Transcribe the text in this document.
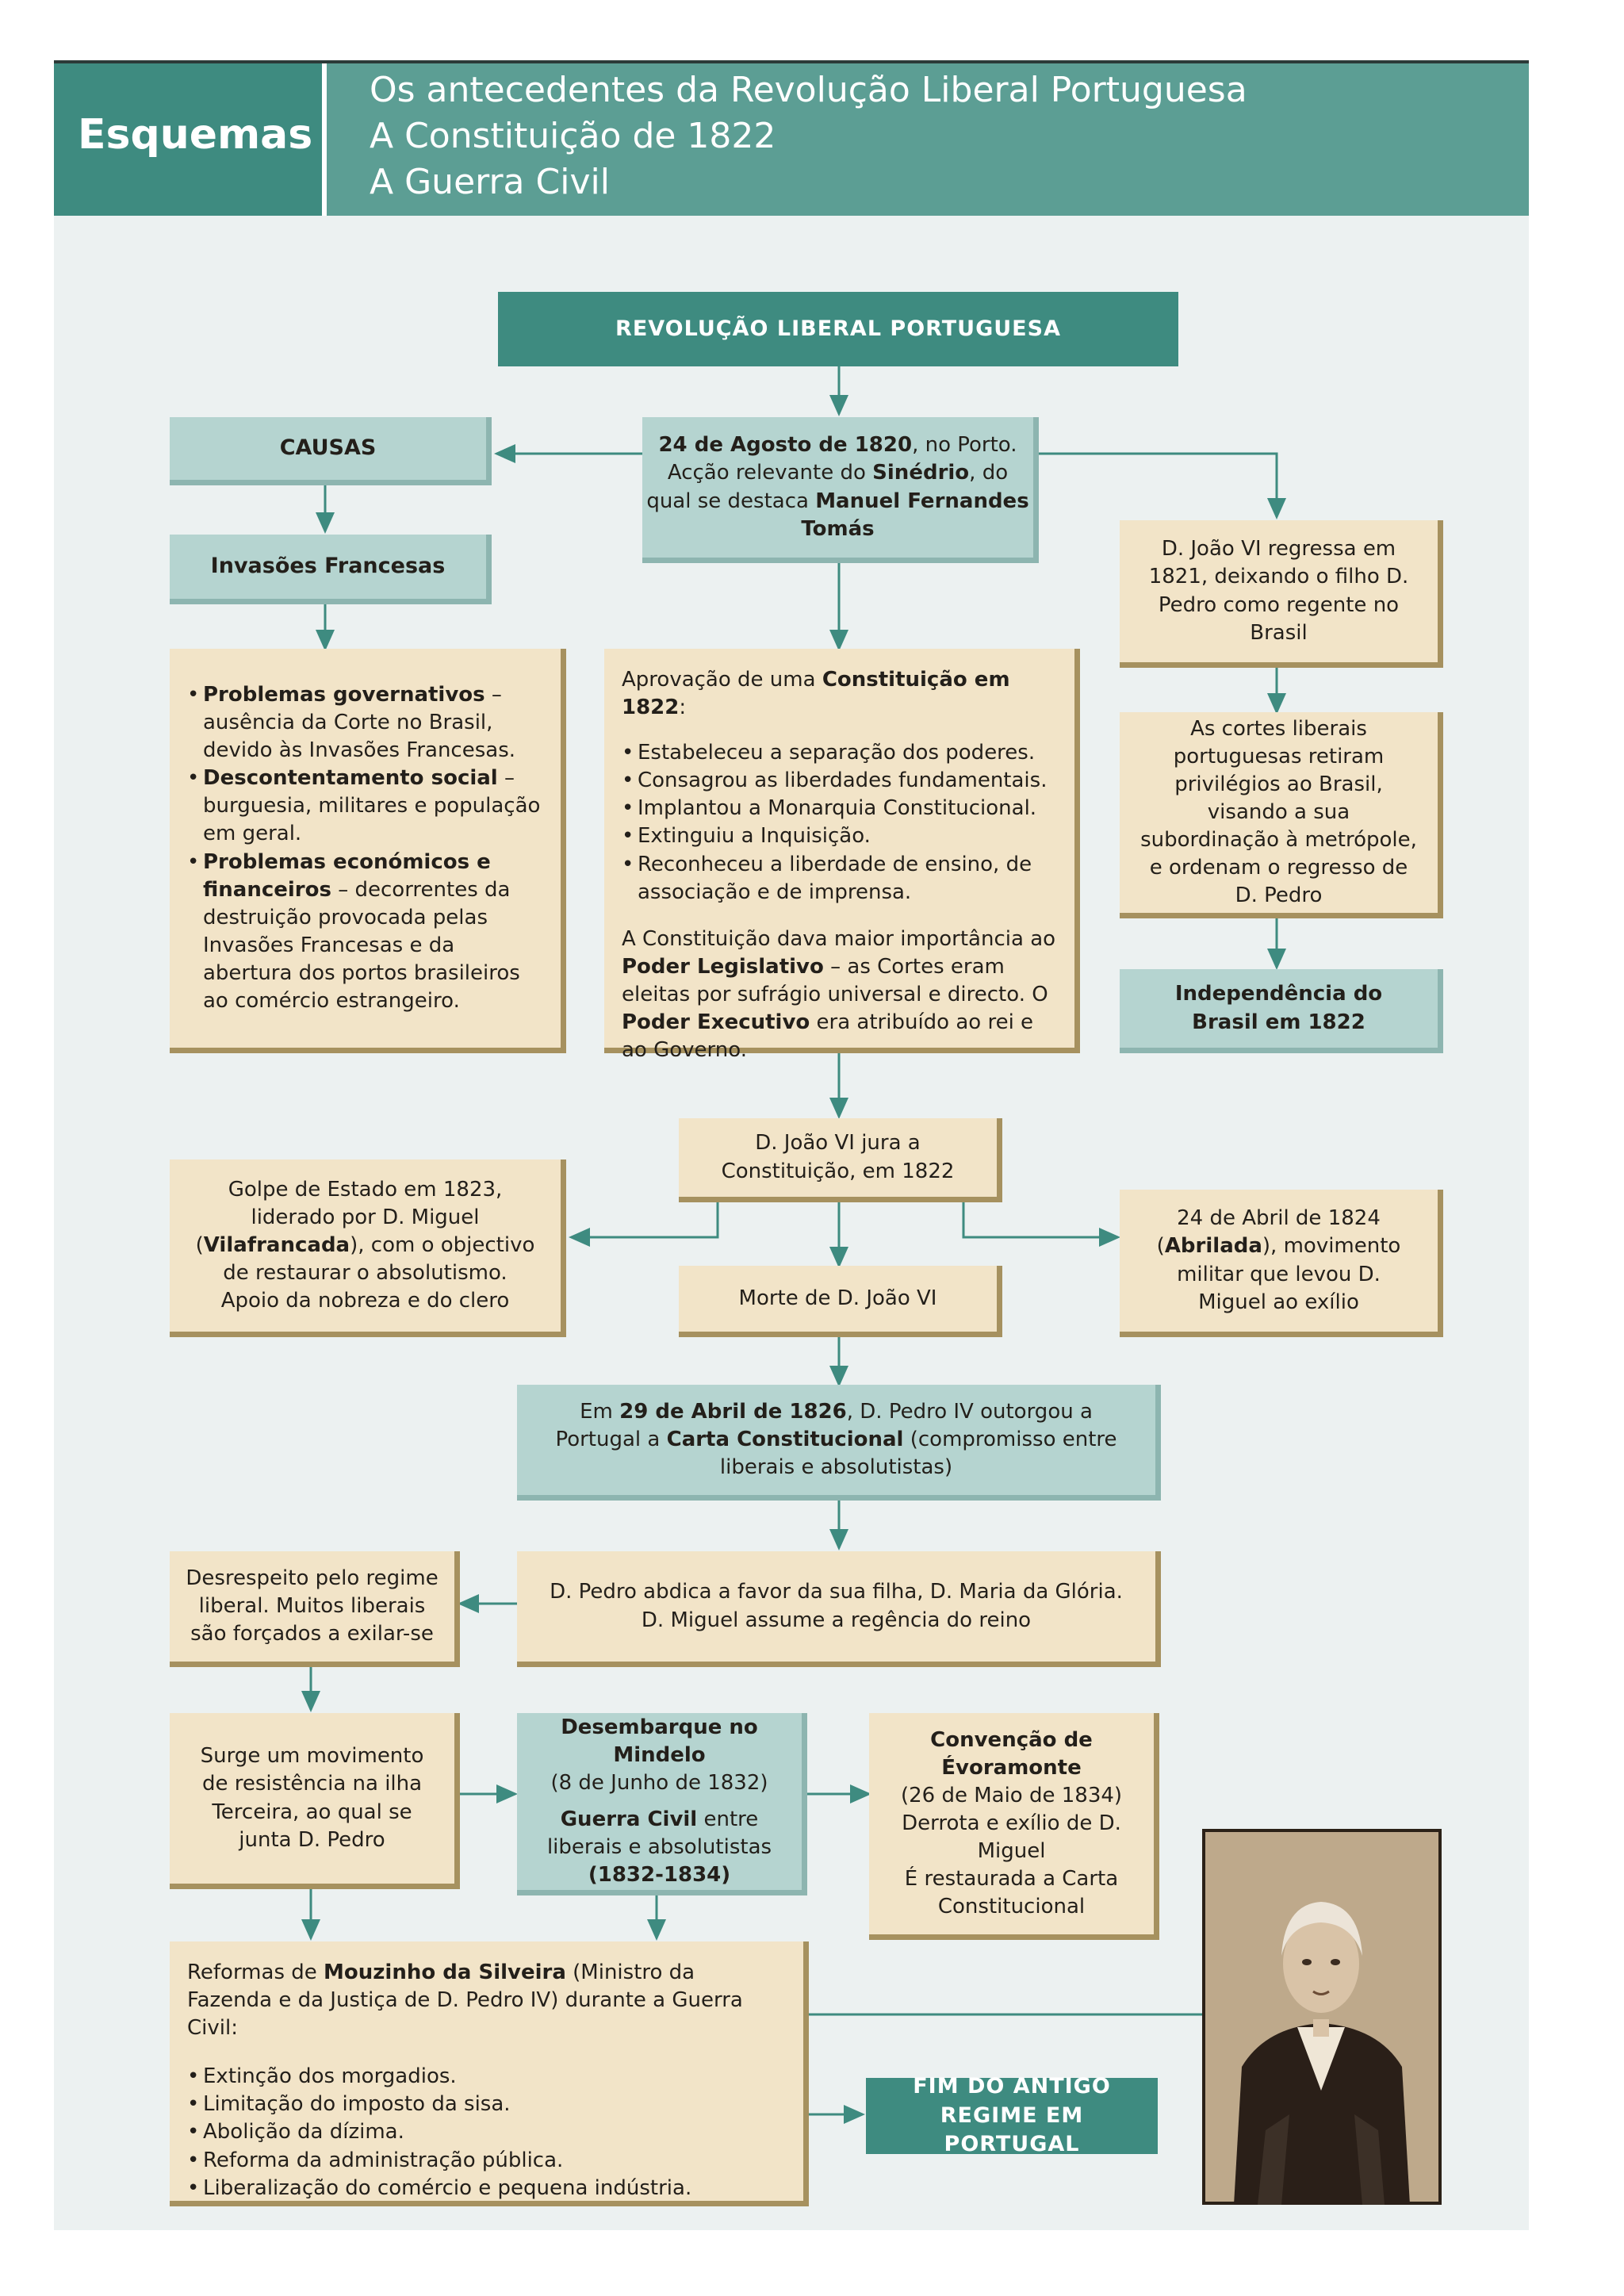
Esquemas
Os antecedentes da Revolução Liberal Portuguesa
A Constituição de 1822
A Guerra Civil
REVOLUÇÃO LIBERAL PORTUGUESA
CAUSAS	24 de Agosto de 1820, no Porto. Acção relevante do Sinédrio, do qual se destaca Manuel Fernandes Tomás

Invasões Francesas
• Problemas governativos – ausência da Corte no Brasil, devido às Invasões Francesas.
• Descontentamento social – burguesia, militares e população em geral.
• Problemas económicos e financeiros – decorrentes da destruição provocada pelas Invasões Francesas e da abertura dos portos brasileiros ao comércio estrangeiro.

Aprovação de uma Constituição em 1822:

• Estabeleceu a separação dos poderes.
• Consagrou as liberdades fundamentais.
• Implantou a Monarquia Constitucional.
• Extinguiu a Inquisição.
• Reconheceu a liberdade de ensino, de associação e de imprensa.

A Constituição dava maior importância ao Poder Legislativo – as Cortes eram eleitas por sufrágio universal e directo. O Poder Executivo era atribuído ao rei e ao Governo.

D. João VI regressa em 1821, deixando o filho D. Pedro como regente no Brasil
As cortes liberais portuguesas retiram privilégios ao Brasil, visando a sua subordinação à metrópole, e ordenam o regresso de D. Pedro
Independência do Brasil em 1822
D. João VI jura a Constituição, em 1822

Golpe de Estado em 1823, liderado por D. Miguel (Vilafrancada), com o objectivo de restaurar o absolutismo. Apoio da nobreza e do clero	Morte de D. João VI

24 de Abril de 1824 (Abrilada), movimento militar que levou D. Miguel ao exílio

Em 29 de Abril de 1826, D. Pedro IV outorgou a Portugal a Carta Constitucional (compromisso entre liberais e absolutistas)

Desrespeito pelo regime liberal. Muitos liberais são forçados a exilar-se
D. Pedro abdica a favor da sua filha, D. Maria da Glória. D. Miguel assume a regência do reino
Surge um movimento de resistência na ilha Terceira, ao qual se junta D. Pedro

Desembarque no Mindelo

(8 de Junho de 1832)

Guerra Civil entre liberais e absolutistas (1832-1834)

Convenção de Évoramonte

(26 de Maio de 1834)

Derrota e exílio de D. Miguel

É restaurada a Carta Constitucional

Reformas de Mouzinho da Silveira (Ministro da Fazenda e da Justiça de D. Pedro IV) durante a Guerra Civil:

• Extinção dos morgadios.
• Limitação do imposto da sisa.
• Abolição da dízima.
• Reforma da administração pública.
• Liberalização do comércio e pequena indústria.
FIM DO ANTIGO REGIME EM PORTUGAL
